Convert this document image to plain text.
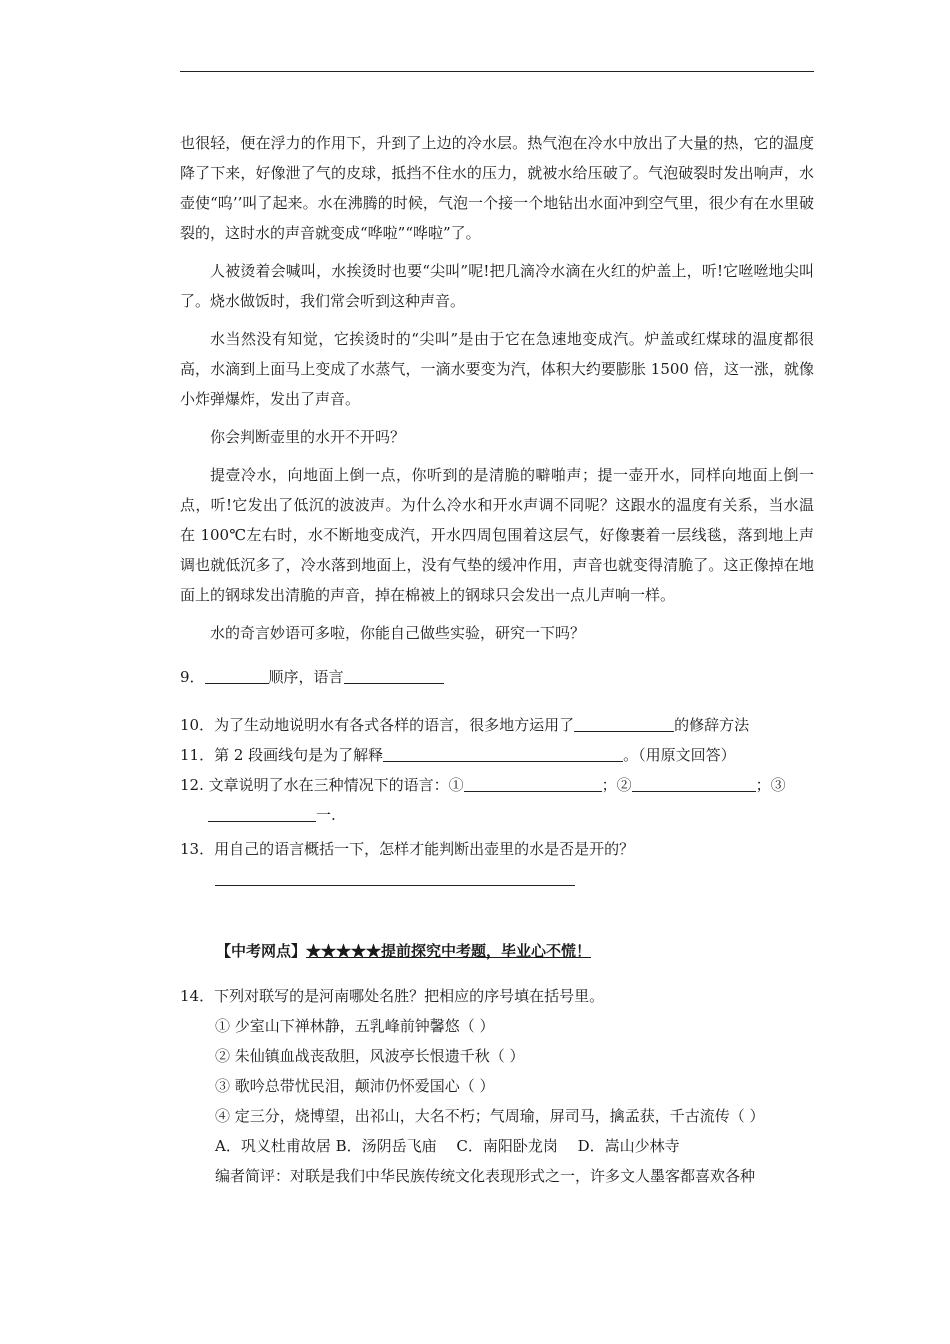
也很轻，便在浮力的作用下，升到了上边的冷水层。热气泡在冷水中放出了大量的热，它的温度降了下来，好像泄了气的皮球，抵挡不住水的压力，就被水给压破了。气泡破裂时发出响声，水壶使“呜’’叫了起来。水在沸腾的时候，气泡一个接一个地钻出水面冲到空气里，很少有在水里破裂的，这时水的声音就变成“哗啦”“哗啦”了。

人被烫着会喊叫，水挨烫时也要“尖叫”呢!把几滴冷水滴在火红的炉盖上，听!它咝咝地尖叫了。烧水做饭时，我们常会听到这种声音。

水当然没有知觉，它挨烫时的“尖叫”是由于它在急速地变成汽。炉盖或红煤球的温度都很高，水滴到上面马上变成了水蒸气，一滴水要变为汽，体积大约要膨胀 1500 倍，这一涨，就像小炸弹爆炸，发出了声音。

你会判断壶里的水开不开吗？

提壹冷水，向地面上倒一点，你听到的是清脆的噼啪声；提一壶开水，同样向地面上倒一点，听!它发出了低沉的波波声。为什么冷水和开水声调不同呢？这跟水的温度有关系，当水温在 100℃左右时，水不断地变成汽，开水四周包围着这层气，好像裹着一层线毯，落到地上声调也就低沉多了，冷水落到地面上，没有气垫的缓冲作用，声音也就变得清脆了。这正像掉在地面上的钢球发出清脆的声音，掉在棉被上的钢球只会发出一点儿声响一样。

水的奇言妙语可多啦，你能自己做些实验，研究一下吗？

9．	顺序，语言

10．为了生动地说明水有各式各样的语言，很多地方运用了	的修辞方法

11．第 2 段画线句是为了解释	。（用原文回答）

12. 文章说明了水在三种情况下的语言：①	；②	；③

一.

13．用自己的语言概括一下，怎样才能判断出壶里的水是否是开的？

【中考网点】★★★★★提前探究中考题，毕业心不慌！

14．下列对联写的是河南哪处名胜？把相应的序号填在括号里。

① 少室山下禅林静，五乳峰前钟馨悠（ ）

② 朱仙镇血战丧敌胆，风波亭长恨遗千秋（ ）

③ 歌吟总带忧民泪，颠沛仍怀爱国心（ ）

④ 定三分，烧博望，出祁山，大名不朽；气周瑜，屏司马，擒孟获，千古流传（ ）

A．巩义杜甫故居 B．汤阴岳飞庙　 C．南阳卧龙岗　 D．嵩山少林寺

编者简评：对联是我们中华民族传统文化表现形式之一，许多文人墨客都喜欢各种
